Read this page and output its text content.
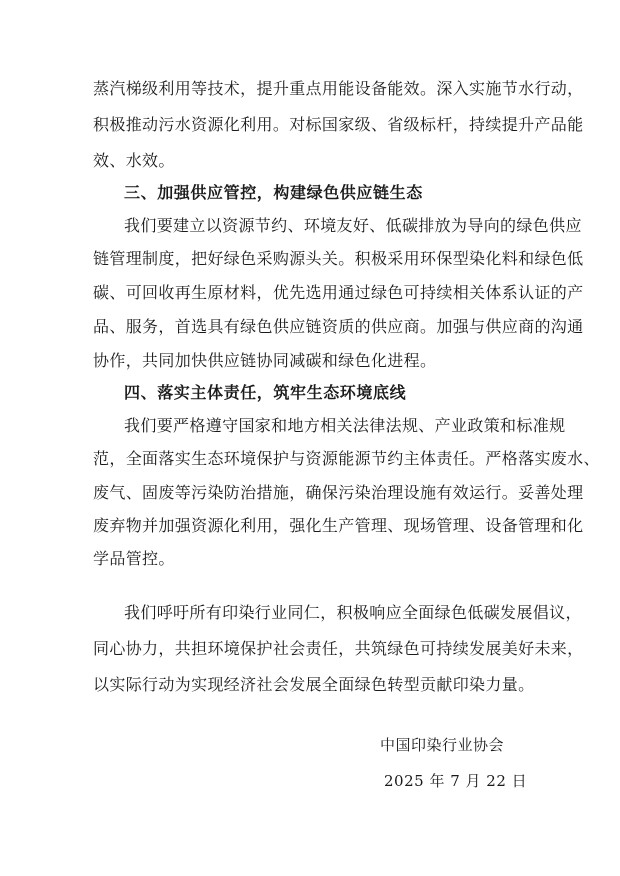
蒸汽梯级利用等技术，提升重点用能设备能效。深入实施节水行动，
积极推动污水资源化利用。对标国家级、省级标杆，持续提升产品能
效、水效。
三、加强供应管控，构建绿色供应链生态
我们要建立以资源节约、环境友好、低碳排放为导向的绿色供应
链管理制度，把好绿色采购源头关。积极采用环保型染化料和绿色低
碳、可回收再生原材料，优先选用通过绿色可持续相关体系认证的产
品、服务，首选具有绿色供应链资质的供应商。加强与供应商的沟通
协作，共同加快供应链协同减碳和绿色化进程。
四、落实主体责任，筑牢生态环境底线
我们要严格遵守国家和地方相关法律法规、产业政策和标准规
范，全面落实生态环境保护与资源能源节约主体责任。严格落实废水、
废气、固废等污染防治措施，确保污染治理设施有效运行。妥善处理
废弃物并加强资源化利用，强化生产管理、现场管理、设备管理和化
学品管控。
我们呼吁所有印染行业同仁，积极响应全面绿色低碳发展倡议，
同心协力，共担环境保护社会责任，共筑绿色可持续发展美好未来，
以实际行动为实现经济社会发展全面绿色转型贡献印染力量。
中国印染行业协会
2025 年 7 月 22 日
